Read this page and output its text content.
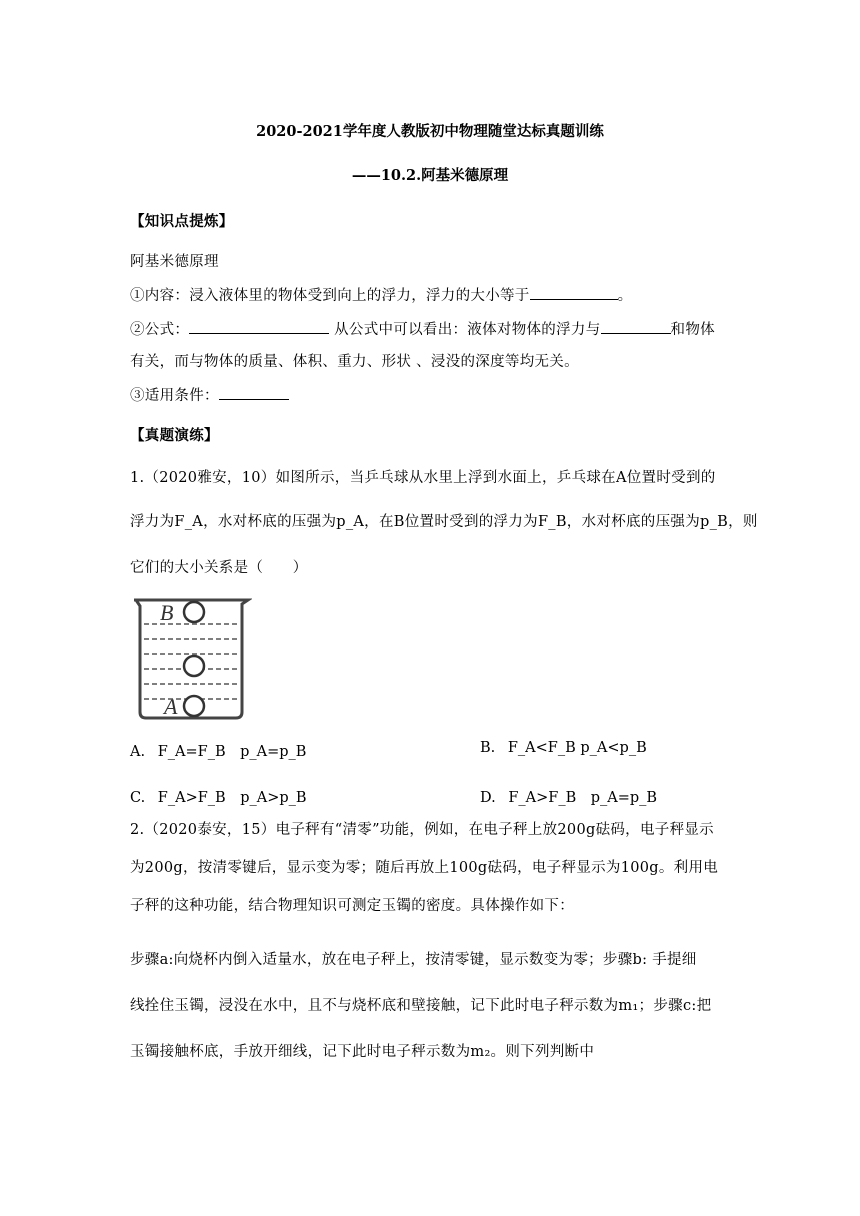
2020-2021学年度人教版初中物理随堂达标真题训练
——10.2.阿基米德原理
【知识点提炼】
阿基米德原理
①内容：浸入液体里的物体受到向上的浮力，浮力的大小等于	。
②公式：	从公式中可以看出：液体对物体的浮力与	和物体
有关，而与物体的质量、体积、重力、形状 、浸没的深度等均无关。
③适用条件：
【真题演练】
1.（2020雅安，10）如图所示，当乒乓球从水里上浮到水面上，乒乓球在A位置时受到的
浮力为F_A，水对杯底的压强为p_A，在B位置时受到的浮力为F_B，水对杯底的压强为p_B，则
它们的大小关系是（　　）
B
A
A. F_A=F_B　p_A=p_B	B. F_A<F_B p_A<p_B
C. F_A>F_B　p_A>p_B	D. F_A>F_B　p_A=p_B
2.（2020泰安，15）电子秤有“清零”功能，例如，在电子秤上放200g砝码，电子秤显示
为200g，按清零键后，显示变为零；随后再放上100g砝码，电子秤显示为100g。利用电
子秤的这种功能，结合物理知识可测定玉镯的密度。具体操作如下：
步骤a:向烧杯内倒入适量水，放在电子秤上，按清零键，显示数变为零；步骤b: 手提细
线拴住玉镯，浸没在水中，且不与烧杯底和壁接触，记下此时电子秤示数为m₁；步骤c:把
玉镯接触杯底，手放开细线，记下此时电子秤示数为m₂。则下列判断中
